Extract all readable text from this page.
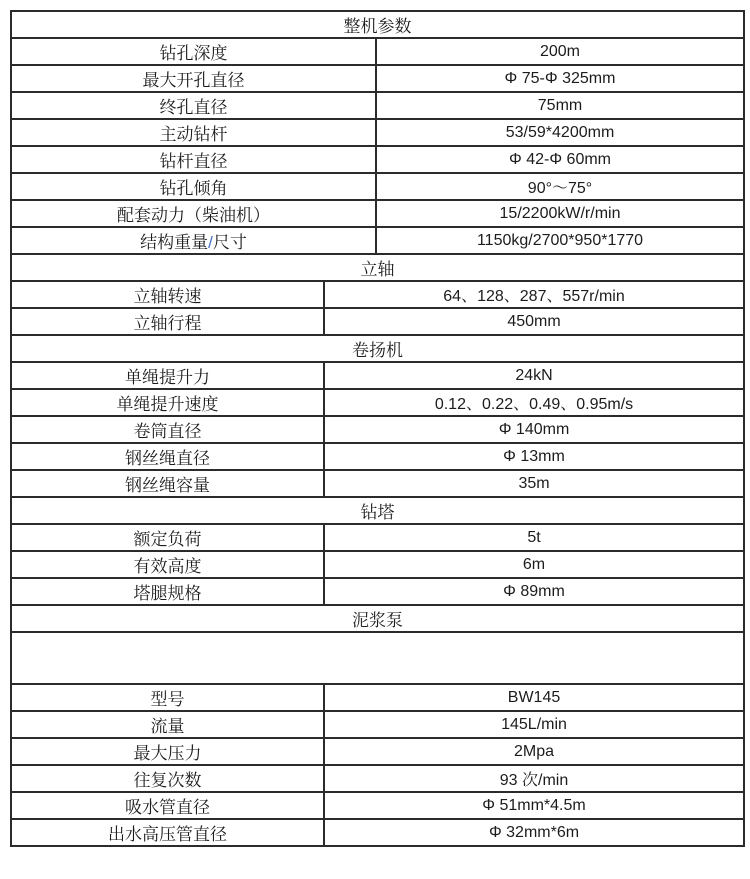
整机参数		
钻孔深度		200m
最大开孔直径		Φ 75-Φ 325mm
终孔直径		75mm
主动钻杆		53/59*4200mm
钻杆直径		Φ 42-Φ 60mm
钻孔倾角		90°～75°
配套动力（柴油机）		15/2200kW/r/min
结构重量/尺寸		1150kg/2700*950*1770
立轴		
立轴转速	64、128、287、557r/min	
立轴行程	450mm	
卷扬机		
单绳提升力	24kN	
单绳提升速度	0.12、0.22、0.49、0.95m/s	
卷筒直径	Φ 140mm	
钢丝绳直径	Φ 13mm	
钢丝绳容量	35m	
钻塔		
额定负荷	5t	
有效高度	6m	
塔腿规格	Φ 89mm	
泥浆泵		

型号	BW145	
流量	145L/min	
最大压力	2Mpa	
往复次数	93 次/min	
吸水管直径	Φ 51mm*4.5m	
出水高压管直径	Φ 32mm*6m	
